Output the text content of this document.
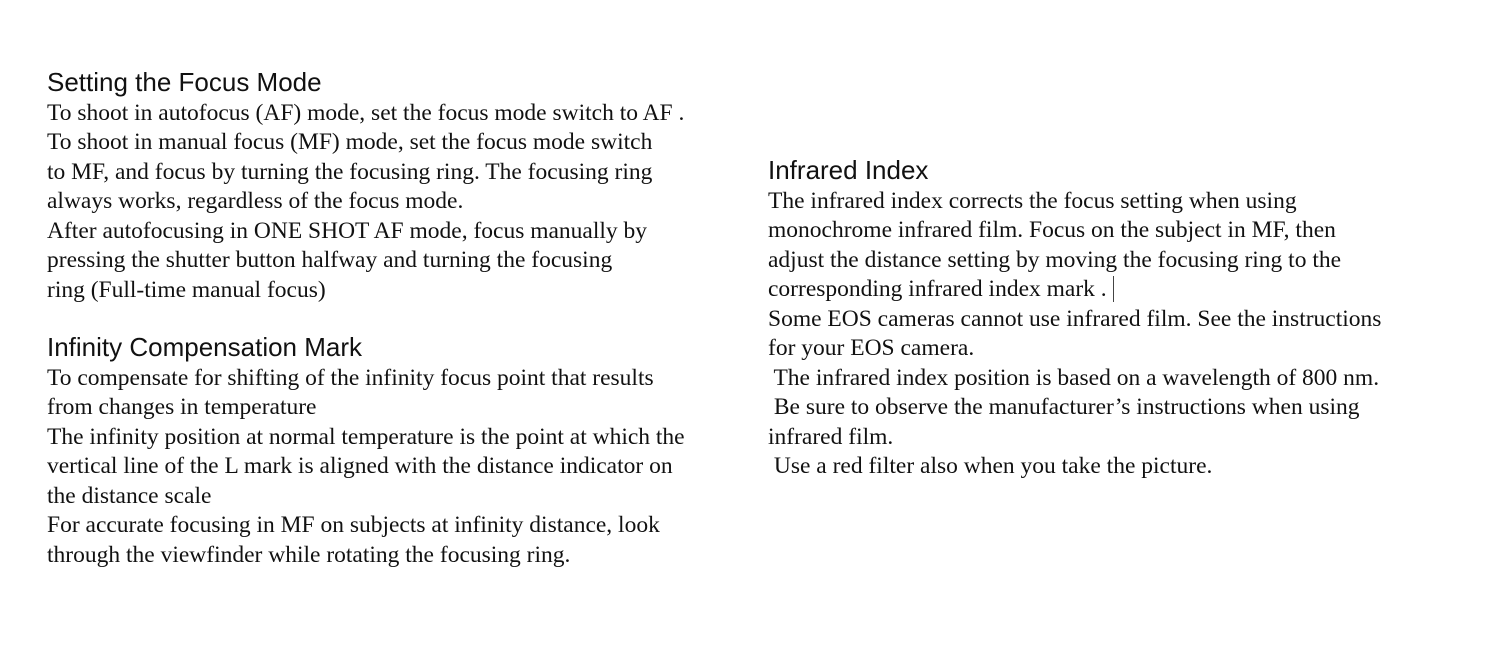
Setting the Focus Mode
To shoot in autofocus (AF) mode, set the focus mode switch to AF .
To shoot in manual focus (MF) mode, set the focus mode switch
to MF, and focus by turning the focusing ring. The focusing ring
always works, regardless of the focus mode.
After autofocusing in ONE SHOT AF mode, focus manually by
pressing the shutter button halfway and turning the focusing
ring (Full-time manual focus)
Infinity Compensation Mark
To compensate for shifting of the infinity focus point that results
from changes in temperature
The infinity position at normal temperature is the point at which the
vertical line of the L mark is aligned with the distance indicator on
the distance scale
For accurate focusing in MF on subjects at infinity distance, look
through the viewfinder while rotating the focusing ring.
Infrared Index
The infrared index corrects the focus setting when using
monochrome infrared film. Focus on the subject in MF, then
adjust the distance setting by moving the focusing ring to the
corresponding infrared index mark .
Some EOS cameras cannot use infrared film. See the instructions
for your EOS camera.
The infrared index position is based on a wavelength of 800 nm.
Be sure to observe the manufacturer’s instructions when using
infrared film.
Use a red filter also when you take the picture.
